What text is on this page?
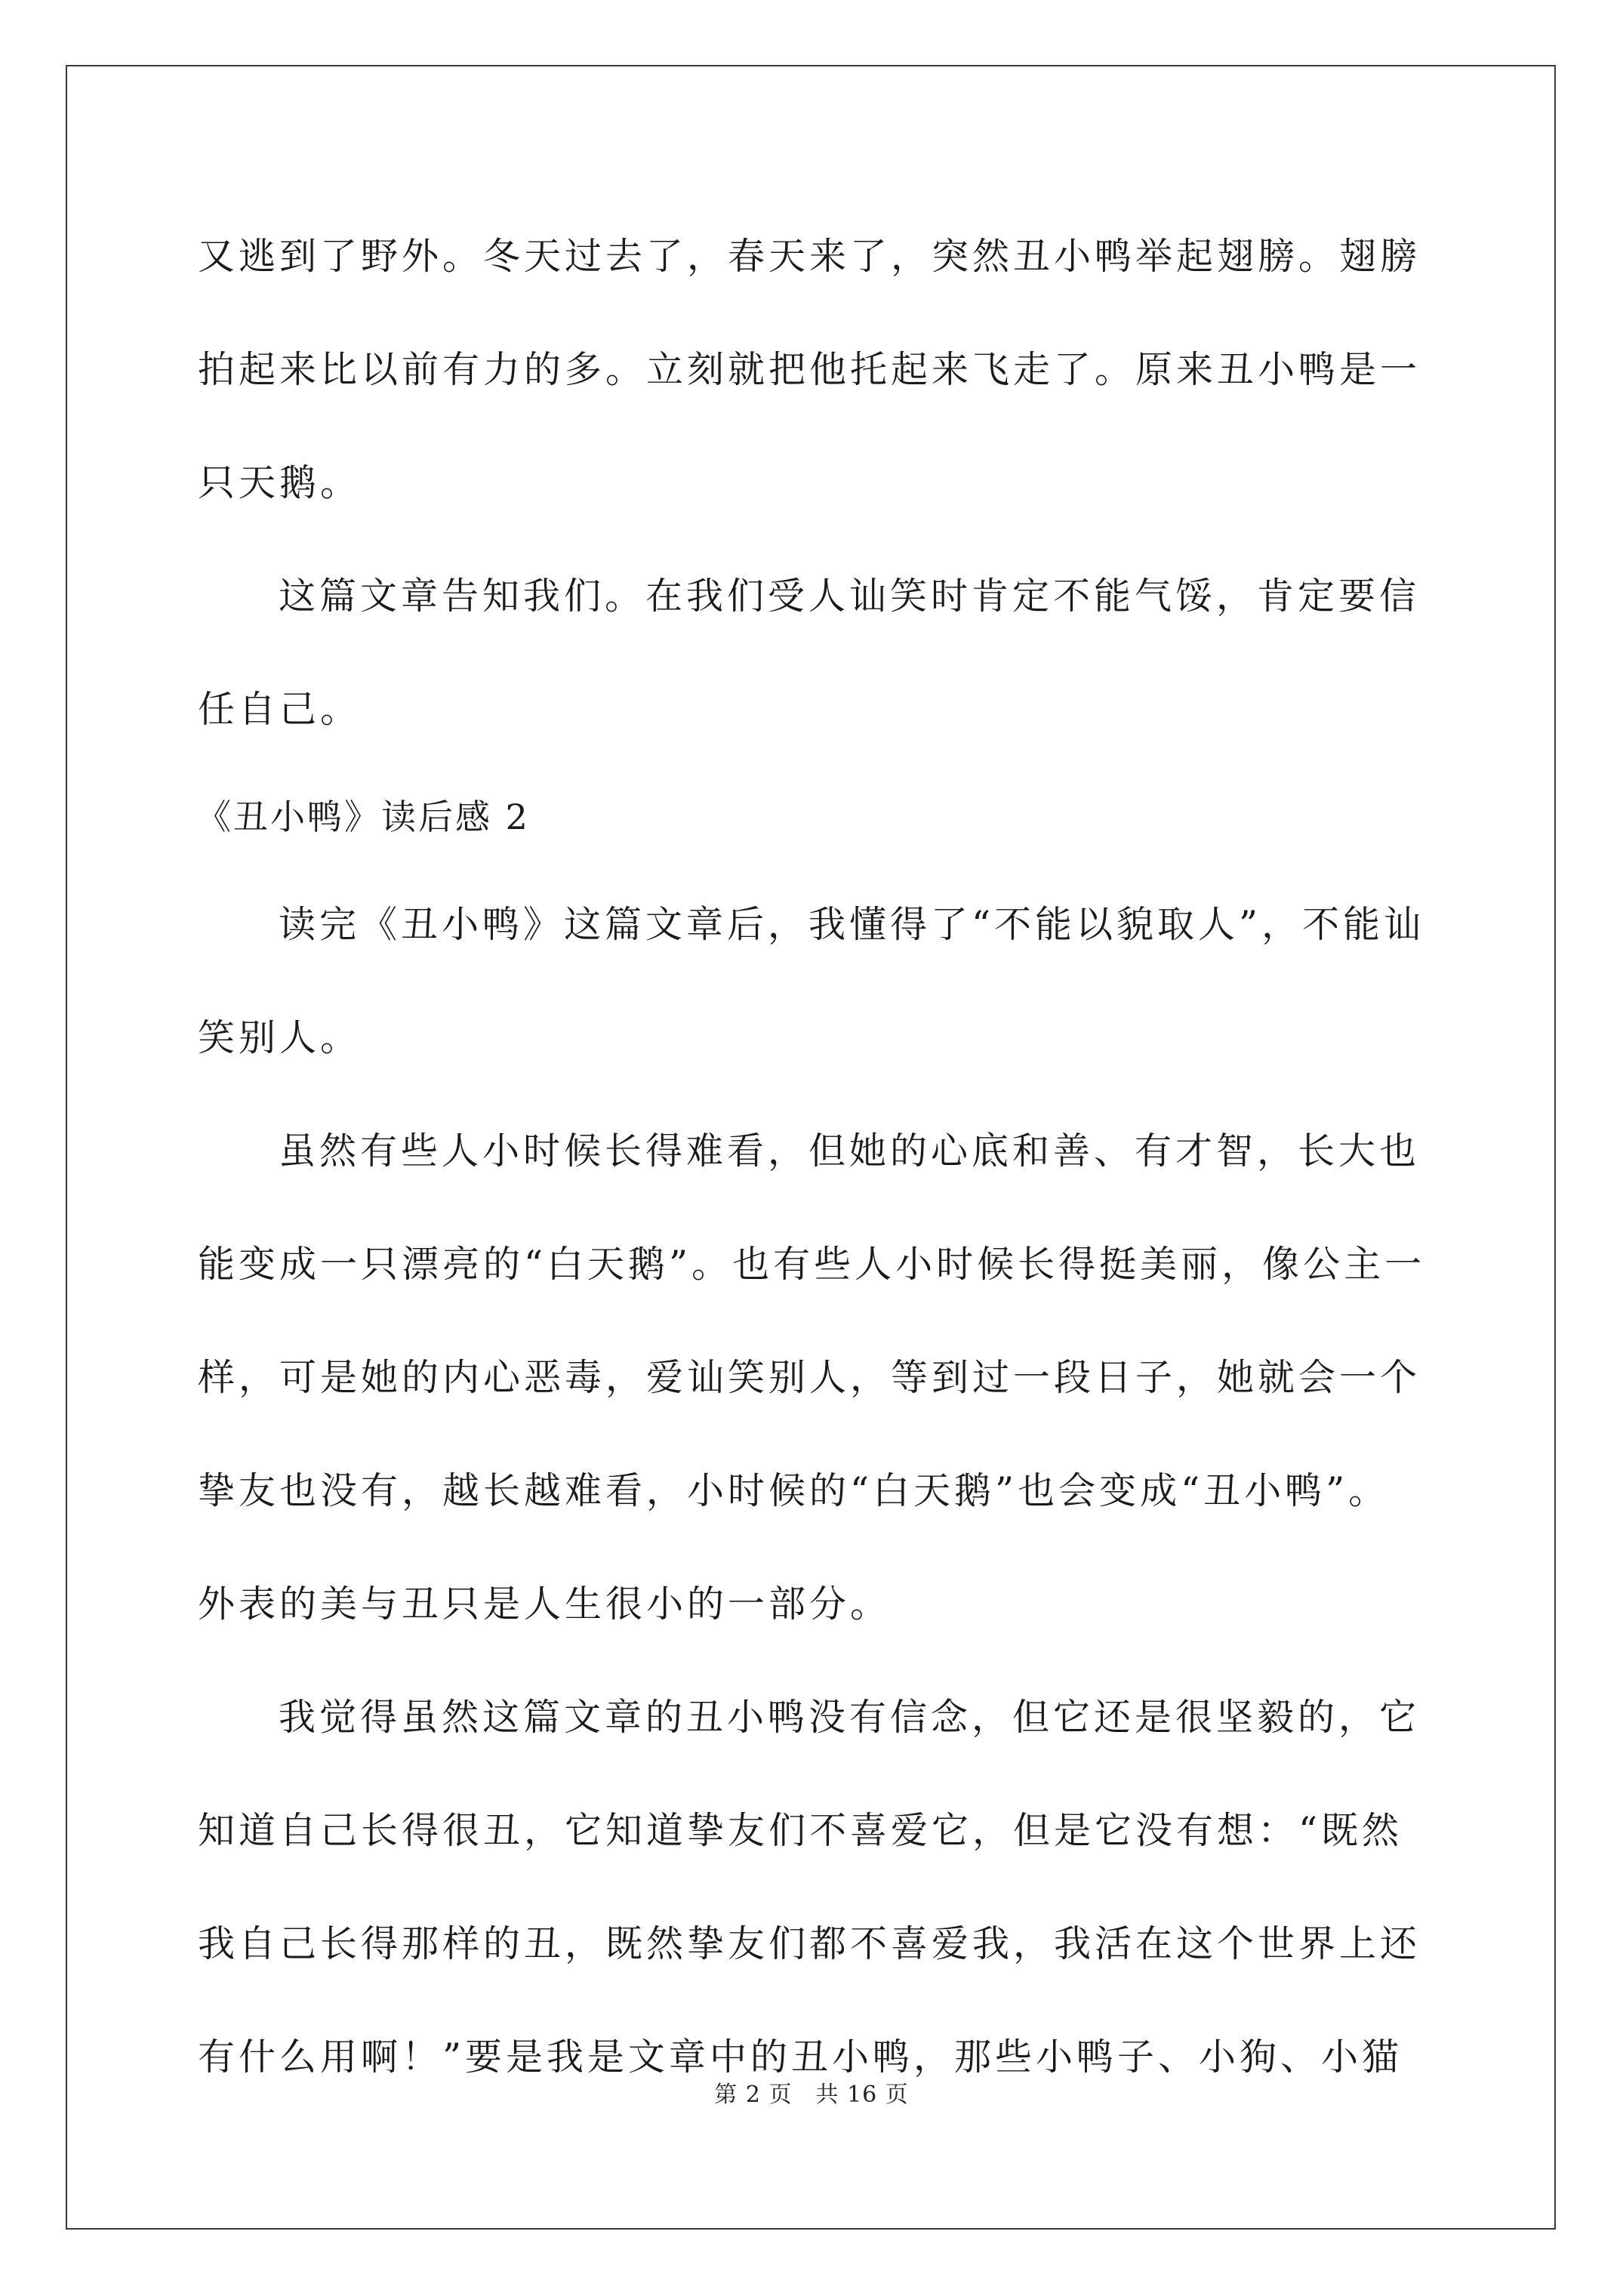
又逃到了野外。冬天过去了，春天来了，突然丑小鸭举起翅膀。翅膀
拍起来比以前有力的多。立刻就把他托起来飞走了。原来丑小鸭是一
只天鹅。
这篇文章告知我们。在我们受人讪笑时肯定不能气馁，肯定要信
任自己。
《丑小鸭》读后感 2
读完《丑小鸭》这篇文章后，我懂得了“不能以貌取人”，不能讪
笑别人。
虽然有些人小时候长得难看，但她的心底和善、有才智，长大也
能变成一只漂亮的“白天鹅”。也有些人小时候长得挺美丽，像公主一
样，可是她的内心恶毒，爱讪笑别人，等到过一段日子，她就会一个
挚友也没有，越长越难看，小时候的“白天鹅”也会变成“丑小鸭”。
外表的美与丑只是人生很小的一部分。
我觉得虽然这篇文章的丑小鸭没有信念，但它还是很坚毅的，它
知道自己长得很丑，它知道挚友们不喜爱它，但是它没有想：“既然
我自己长得那样的丑，既然挚友们都不喜爱我，我活在这个世界上还
有什么用啊！”要是我是文章中的丑小鸭，那些小鸭子、小狗、小猫
第 2 页　共 16 页
